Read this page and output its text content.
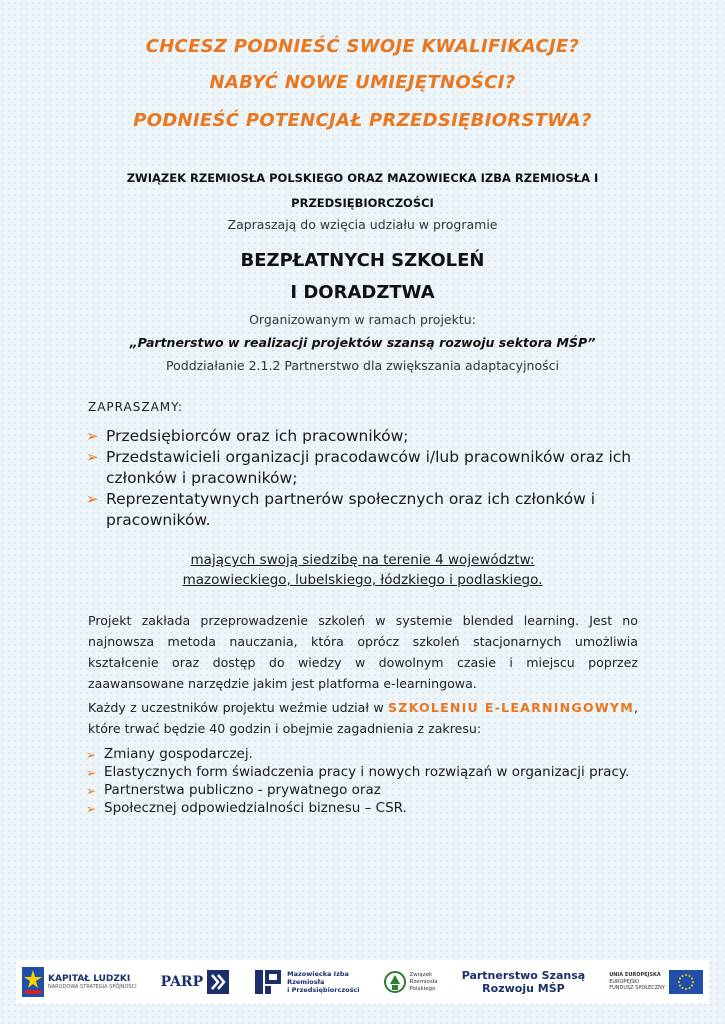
CHCESZ PODNIEŚĆ SWOJE KWALIFIKACJE?
NABYĆ NOWE UMIEJĘTNOŚCI?
PODNIEŚĆ POTENCJAŁ PRZEDSIĘBIORSTWA?
ZWIĄZEK RZEMIOSŁA POLSKIEGO ORAZ MAZOWIECKA IZBA RZEMIOSŁA I
PRZEDSIĘBIORCZOŚCI
Zapraszają do wzięcia udziału w programie
BEZPŁATNYCH SZKOLEŃ
I DORADZTWA
Organizowanym w ramach projektu:
„Partnerstwo w realizacji projektów szansą rozwoju sektora MŚP”
Poddziałanie 2.1.2 Partnerstwo dla zwiększania adaptacyjności
ZAPRASZAMY:
➢ Przedsiębiorców oraz ich pracowników;
➢ Przedstawicieli organizacji pracodawców i/lub pracowników oraz ich członków i pracowników;
➢ Reprezentatywnych partnerów społecznych oraz ich członków i pracowników.
mających swoją siedzibę na terenie 4 województw:
mazowieckiego, lubelskiego, łódzkiego i podlaskiego.
Projekt zakłada przeprowadzenie szkoleń w systemie blended learning. Jest no najnowsza metoda nauczania, która oprócz szkoleń stacjonarnych umożliwia kształcenie oraz dostęp do wiedzy w dowolnym czasie i miejscu poprzez zaawansowane narzędzie jakim jest platforma e-learningowa.
Każdy z uczestników projektu weźmie udział w SZKOLENIU E-LEARNINGOWYM, które trwać będzie 40 godzin i obejmie zagadnienia z zakresu:
➢ Zmiany gospodarczej.
➢ Elastycznych form świadczenia pracy i nowych rozwiązań w organizacji pracy.
➢ Partnerstwa publiczno - prywatnego oraz
➢ Społecznej odpowiedzialności biznesu – CSR.
KAPITAŁ LUDZKI
NARODOWA STRATEGIA SPÓJNOŚCI PARP	Mazowiecka Izba
Rzemiosła
i Przedsiębiorczości
Związek
Rzemiosła
Polskiego
Partnerstwo Szansą
Rozwoju MŚP
UNIA EUROPEJSKA
EUROPEJSKI
FUNDUSZ SPOŁECZNY
